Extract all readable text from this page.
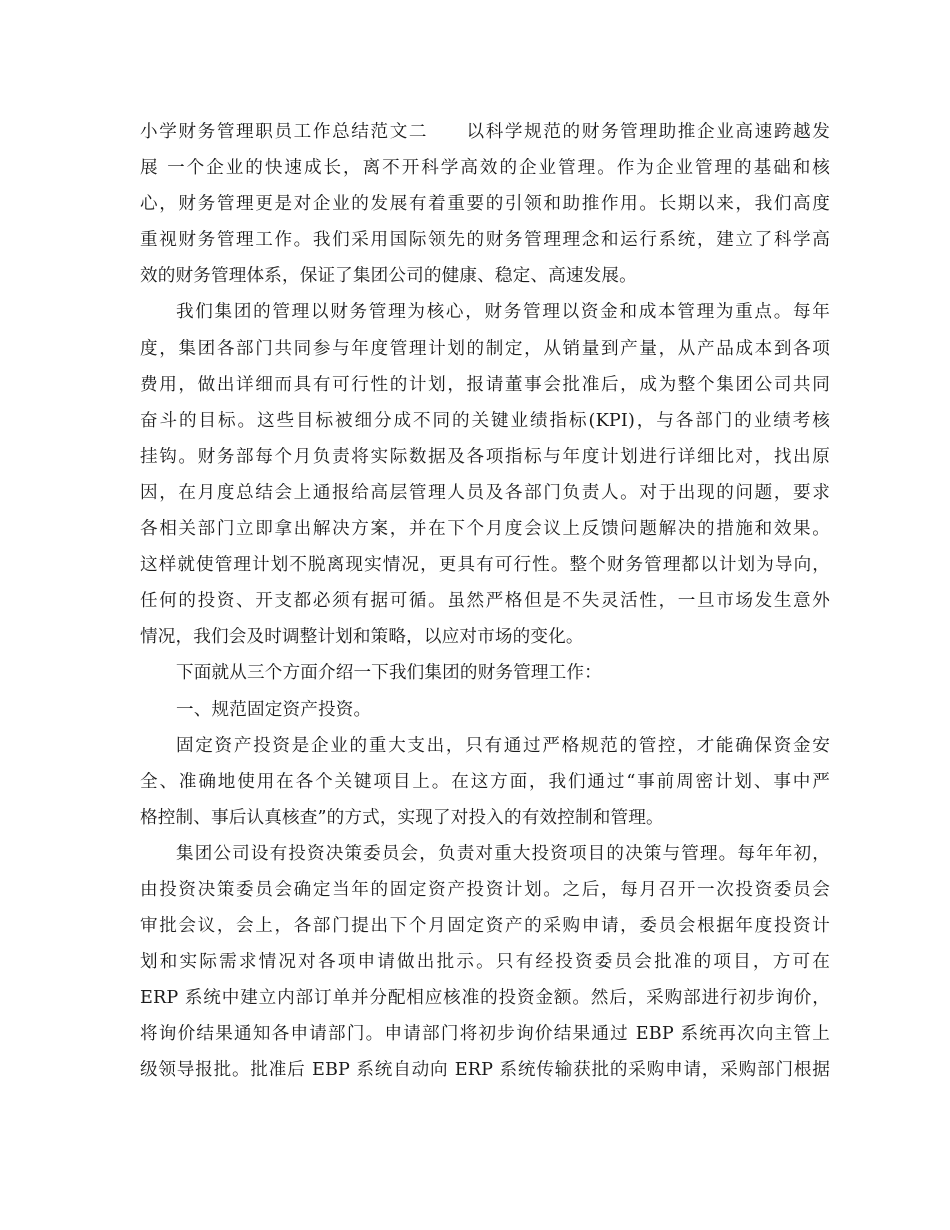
小学财务管理职员工作总结范文二　　以科学规范的财务管理助推企业高速跨越发
展 一个企业的快速成长，离不开科学高效的企业管理。作为企业管理的基础和核
心，财务管理更是对企业的发展有着重要的引领和助推作用。长期以来，我们高度
重视财务管理工作。我们采用国际领先的财务管理理念和运行系统，建立了科学高
效的财务管理体系，保证了集团公司的健康、稳定、高速发展。
我们集团的管理以财务管理为核心，财务管理以资金和成本管理为重点。每年
度，集团各部门共同参与年度管理计划的制定，从销量到产量，从产品成本到各项
费用，做出详细而具有可行性的计划，报请董事会批准后，成为整个集团公司共同
奋斗的目标。这些目标被细分成不同的关键业绩指标(KPI)，与各部门的业绩考核
挂钩。财务部每个月负责将实际数据及各项指标与年度计划进行详细比对，找出原
因，在月度总结会上通报给高层管理人员及各部门负责人。对于出现的问题，要求
各相关部门立即拿出解决方案，并在下个月度会议上反馈问题解决的措施和效果。
这样就使管理计划不脱离现实情况，更具有可行性。整个财务管理都以计划为导向，
任何的投资、开支都必须有据可循。虽然严格但是不失灵活性，一旦市场发生意外
情况，我们会及时调整计划和策略，以应对市场的变化。
下面就从三个方面介绍一下我们集团的财务管理工作：
一、规范固定资产投资。
固定资产投资是企业的重大支出，只有通过严格规范的管控，才能确保资金安
全、准确地使用在各个关键项目上。在这方面，我们通过“事前周密计划、事中严
格控制、事后认真核查”的方式，实现了对投入的有效控制和管理。
集团公司设有投资决策委员会，负责对重大投资项目的决策与管理。每年年初，
由投资决策委员会确定当年的固定资产投资计划。之后，每月召开一次投资委员会
审批会议，会上，各部门提出下个月固定资产的采购申请，委员会根据年度投资计
划和实际需求情况对各项申请做出批示。只有经投资委员会批准的项目，方可在
ERP 系统中建立内部订单并分配相应核准的投资金额。然后，采购部进行初步询价，
将询价结果通知各申请部门。申请部门将初步询价结果通过 EBP 系统再次向主管上
级领导报批。批准后 EBP 系统自动向 ERP 系统传输获批的采购申请，采购部门根据
